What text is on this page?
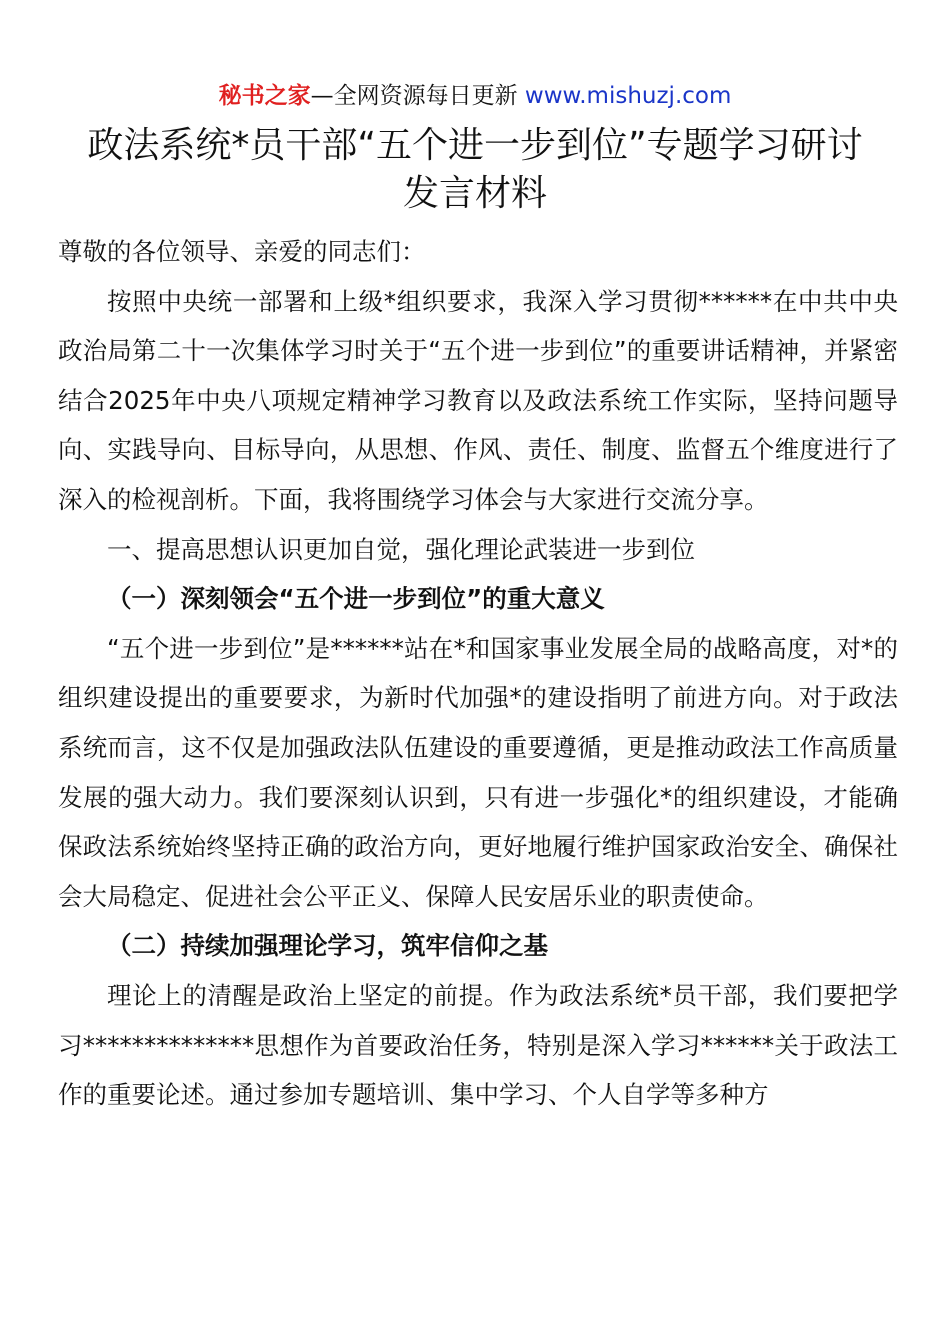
秘书之家—全网资源每日更新 www.mishuzj.com
政法系统*员干部“五个进一步到位”专题学习研讨
发言材料

尊敬的各位领导、亲爱的同志们：

按照中央统一部署和上级*组织要求，我深入学习贯彻******在中共中央政治局第二十一次集体学习时关于“五个进一步到位”的重要讲话精神，并紧密结合2025年中央八项规定精神学习教育以及政法系统工作实际，坚持问题导向、实践导向、目标导向，从思想、作风、责任、制度、监督五个维度进行了深入的检视剖析。下面，我将围绕学习体会与大家进行交流分享。

一、提高思想认识更加自觉，强化理论武装进一步到位

（一）深刻领会“五个进一步到位”的重大意义

“五个进一步到位”是******站在*和国家事业发展全局的战略高度，对*的组织建设提出的重要要求，为新时代加强*的建设指明了前进方向。对于政法系统而言，这不仅是加强政法队伍建设的重要遵循，更是推动政法工作高质量发展的强大动力。我们要深刻认识到，只有进一步强化*的组织建设，才能确保政法系统始终坚持正确的政治方向，更好地履行维护国家政治安全、确保社会大局稳定、促进社会公平正义、保障人民安居乐业的职责使命。

（二）持续加强理论学习，筑牢信仰之基

理论上的清醒是政治上坚定的前提。作为政法系统*员干部，我们要把学习**************思想作为首要政治任务，特别是深入学习******关于政法工作的重要论述。通过参加专题培训、集中学习、个人自学等多种方
